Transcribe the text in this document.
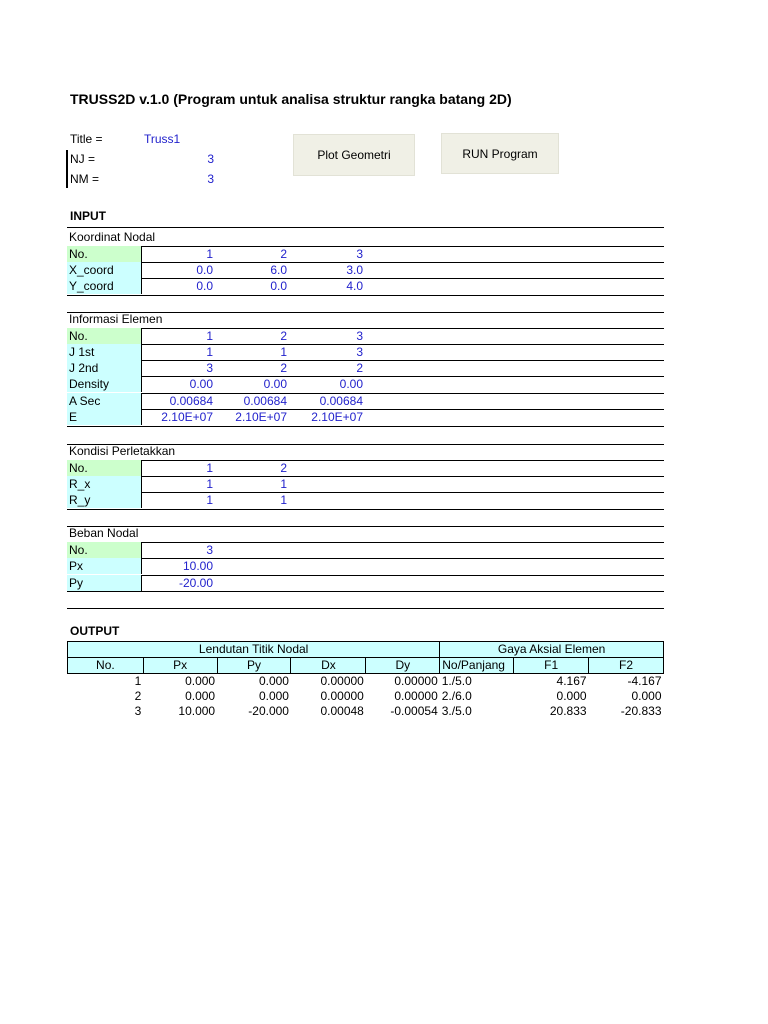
TRUSS2D v.1.0 (Program untuk analisa struktur rangka batang 2D)
Title =	Truss1
NJ =	3
NM =	3
Plot Geometri	RUN Program
INPUT
Koordinat Nodal
No.	1	2	3
X_coord	0.0	6.0	3.0
Y_coord	0.0	0.0	4.0
Informasi Elemen
No.	1	2	3
J 1st	1	1	3
J 2nd	3	2	2
Density	0.00	0.00	0.00
A Sec	0.00684	0.00684	0.00684
E	2.10E+07	2.10E+07	2.10E+07
Kondisi Perletakkan
No.	1	2
R_x	1	1
R_y	1	1
Beban Nodal
No.	3
Px	10.00
Py	-20.00
OUTPUT
Lendutan Titik Nodal					Gaya Aksial Elemen		
No.	Px	Py	Dx	Dy	No/Panjang	F1	F2
1	0.000	0.000	0.00000	0.00000	1./5.0	4.167	-4.167
2	0.000	0.000	0.00000	0.00000	2./6.0	0.000	0.000
3	10.000	-20.000	0.00048	-0.00054	3./5.0	20.833	-20.833
